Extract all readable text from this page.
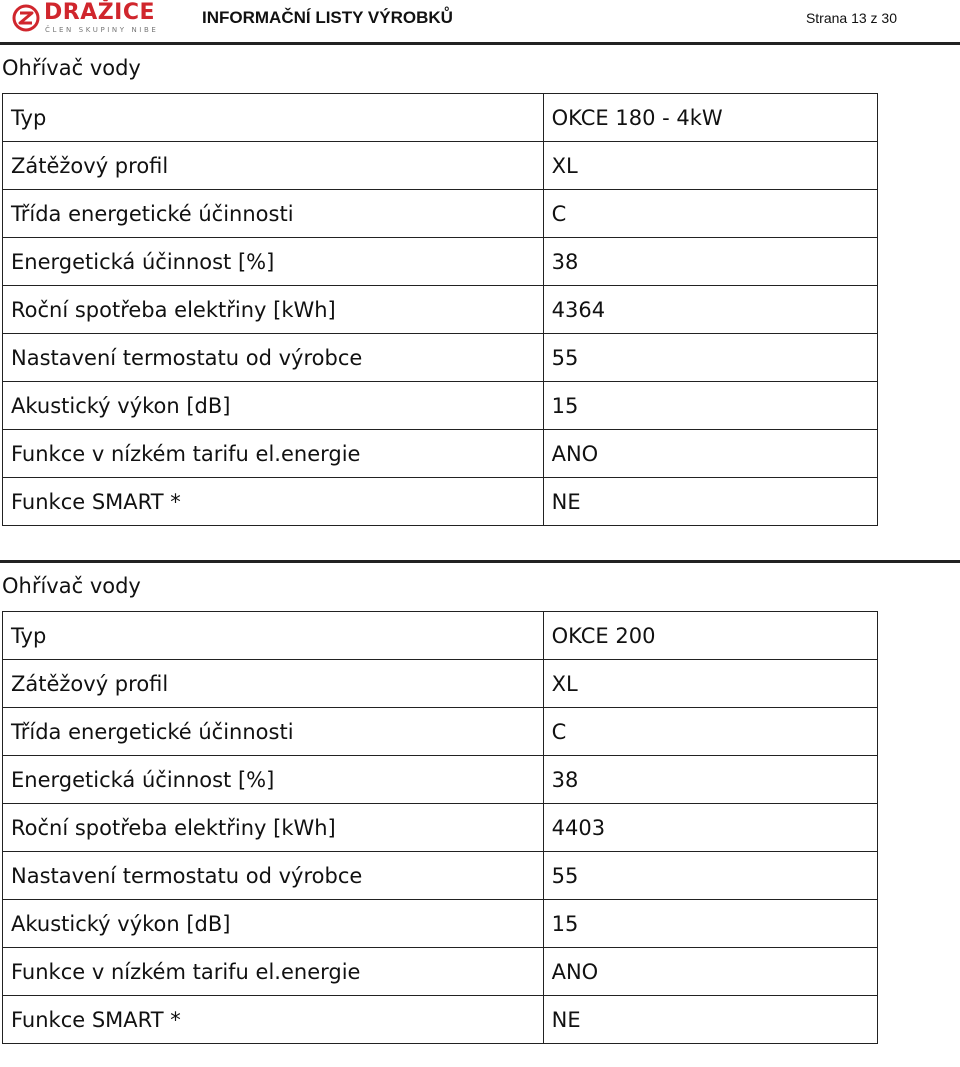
DRAŽICE
ČLEN SKUPINY NIBE
INFORMAČNÍ LISTY VÝROBKŮ	Strana 13 z 30
Ohřívač vody
Typ	OKCE 180 - 4kW
Zátěžový profil	XL
Třída energetické účinnosti	C
Energetická účinnost [%]	38
Roční spotřeba elektřiny [kWh]	4364
Nastavení termostatu od výrobce	55
Akustický výkon [dB]	15
Funkce v nízkém tarifu el.energie	ANO
Funkce SMART *	NE
Ohřívač vody
Typ	OKCE 200
Zátěžový profil	XL
Třída energetické účinnosti	C
Energetická účinnost [%]	38
Roční spotřeba elektřiny [kWh]	4403
Nastavení termostatu od výrobce	55
Akustický výkon [dB]	15
Funkce v nízkém tarifu el.energie	ANO
Funkce SMART *	NE
